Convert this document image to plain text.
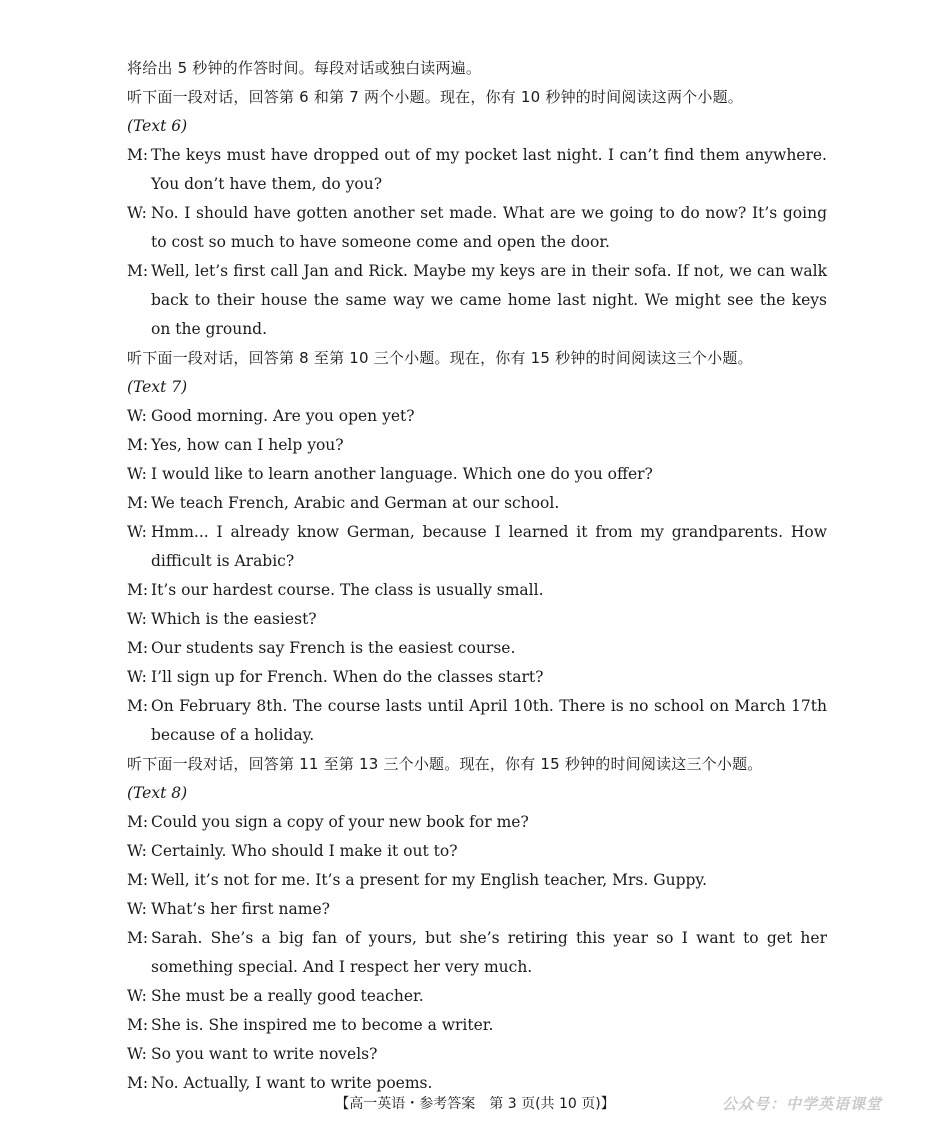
将给出 5 秒钟的作答时间。每段对话或独白读两遍。
听下面一段对话，回答第 6 和第 7 两个小题。现在，你有 10 秒钟的时间阅读这两个小题。
(Text 6)
M: The keys must have dropped out of my pocket last night. I can’t find them anywhere. You don’t have them, do you?
W: No. I should have gotten another set made. What are we going to do now? It’s going to cost so much to have someone come and open the door.
M: Well, let’s first call Jan and Rick. Maybe my keys are in their sofa. If not, we can walk back to their house the same way we came home last night. We might see the keys on the ground.
听下面一段对话，回答第 8 至第 10 三个小题。现在，你有 15 秒钟的时间阅读这三个小题。
(Text 7)
W: Good morning. Are you open yet?
M: Yes, how can I help you?
W: I would like to learn another language. Which one do you offer?
M: We teach French, Arabic and German at our school.
W: Hmm... I already know German, because I learned it from my grandparents. How difficult is Arabic?
M: It’s our hardest course. The class is usually small.
W: Which is the easiest?
M: Our students say French is the easiest course.
W: I’ll sign up for French. When do the classes start?
M: On February 8th. The course lasts until April 10th. There is no school on March 17th because of a holiday.
听下面一段对话，回答第 11 至第 13 三个小题。现在，你有 15 秒钟的时间阅读这三个小题。
(Text 8)
M: Could you sign a copy of your new book for me?
W: Certainly. Who should I make it out to?
M: Well, it’s not for me. It’s a present for my English teacher, Mrs. Guppy.
W: What’s her first name?
M: Sarah. She’s a big fan of yours, but she’s retiring this year so I want to get her something special. And I respect her very much.
W: She must be a really good teacher.
M: She is. She inspired me to become a writer.
W: So you want to write novels?
M: No. Actually, I want to write poems.
【高一英语・参考答案　第 3 页(共 10 页)】	公众号：中学英语课堂
